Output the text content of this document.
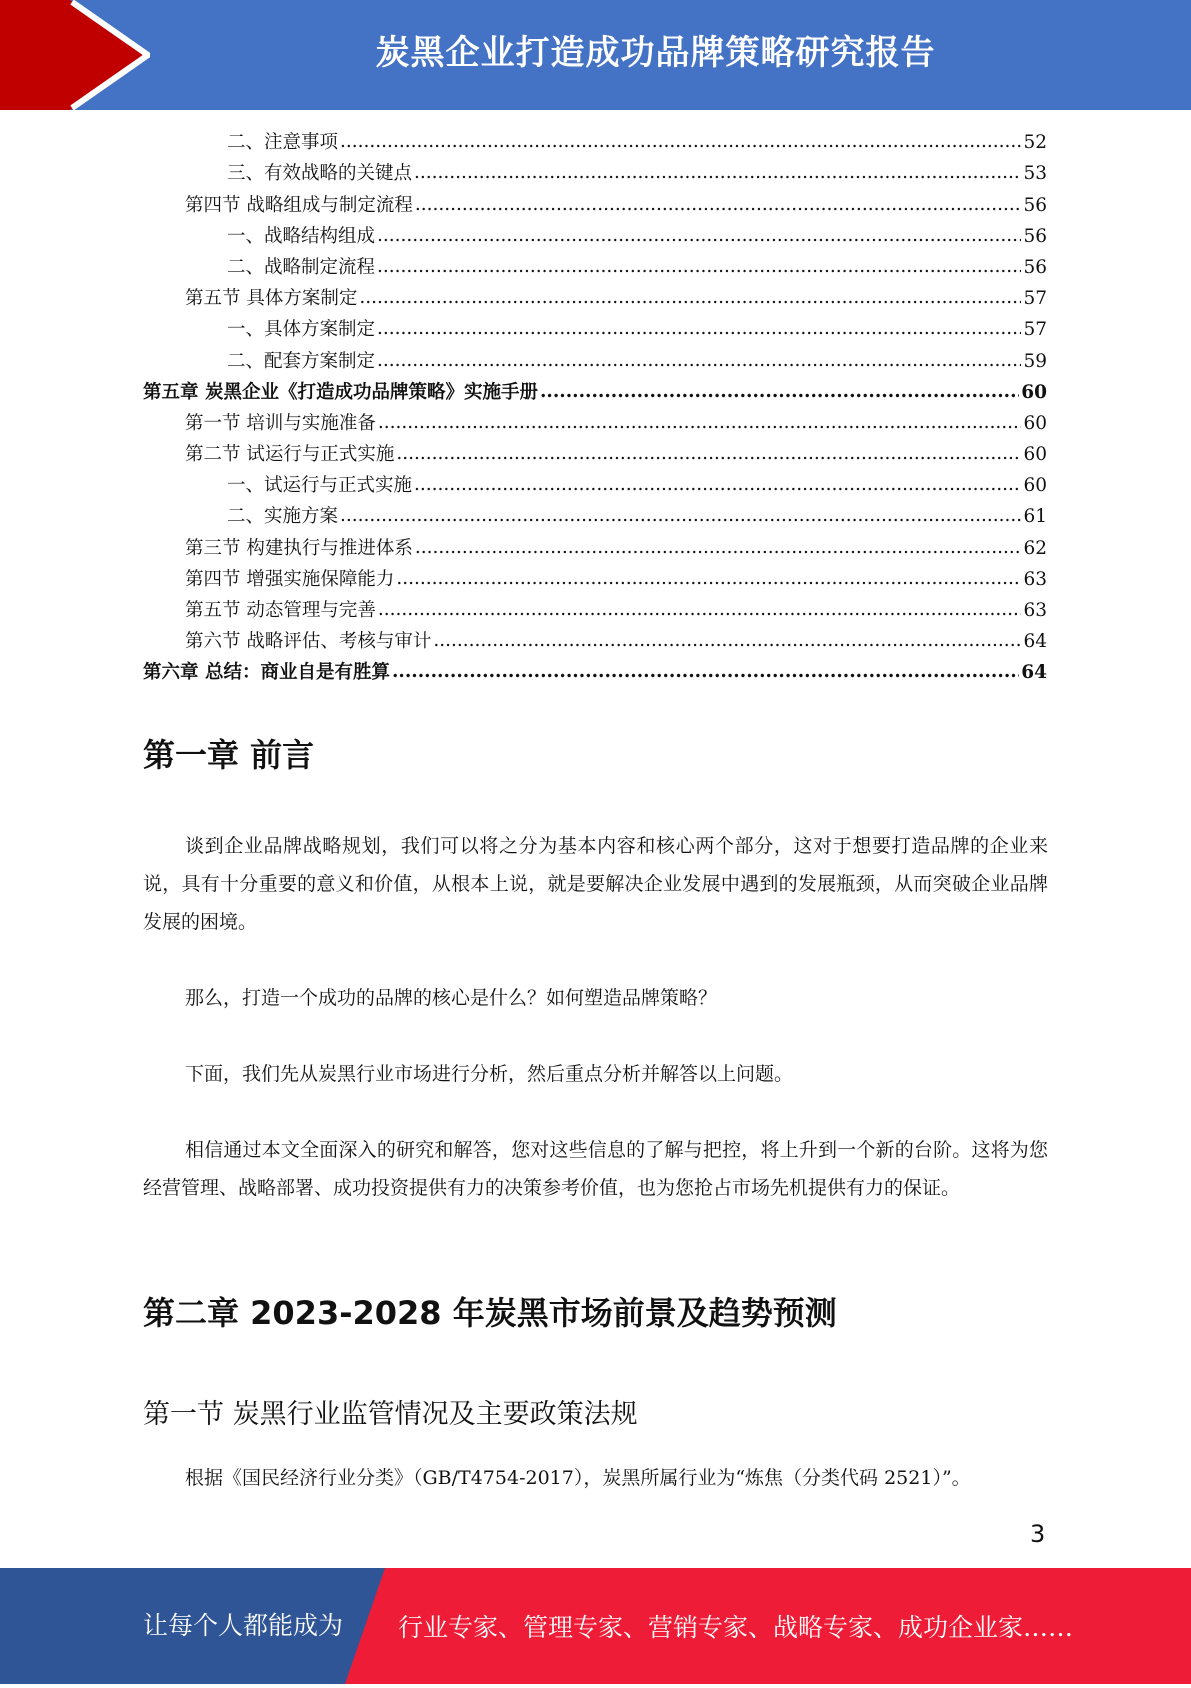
炭黑企业打造成功品牌策略研究报告
二、注意事项 .....	52
三、有效战略的关键点 .....	53
第四节 战略组成与制定流程 .....	56
一、战略结构组成 .....	56
二、战略制定流程 .....	56
第五节 具体方案制定 .....	57
一、具体方案制定 .....	57
二、配套方案制定 .....	59
第五章 炭黑企业《打造成功品牌策略》实施手册 .....	60
第一节 培训与实施准备 .....	60
第二节 试运行与正式实施 .....	60
一、试运行与正式实施 .....	60
二、实施方案 .....	61
第三节 构建执行与推进体系 .....	62
第四节 增强实施保障能力 .....	63
第五节 动态管理与完善 .....	63
第六节 战略评估、考核与审计 .....	64
第六章 总结：商业自是有胜算 .....	64
第一章 前言
谈到企业品牌战略规划，我们可以将之分为基本内容和核心两个部分，这对于想要打造品牌的企业来说，具有十分重要的意义和价值，从根本上说，就是要解决企业发展中遇到的发展瓶颈，从而突破企业品牌发展的困境。
那么，打造一个成功的品牌的核心是什么？如何塑造品牌策略？
下面，我们先从炭黑行业市场进行分析，然后重点分析并解答以上问题。
相信通过本文全面深入的研究和解答，您对这些信息的了解与把控，将上升到一个新的台阶。这将为您经营管理、战略部署、成功投资提供有力的决策参考价值，也为您抢占市场先机提供有力的保证。
第二章 2023-2028 年炭黑市场前景及趋势预测
第一节 炭黑行业监管情况及主要政策法规
根据《国民经济行业分类》（GB/T4754-2017），炭黑所属行业为“炼焦（分类代码 2521）”。
3
让每个人都能成为 行业专家、管理专家、营销专家、战略专家、成功企业家……
